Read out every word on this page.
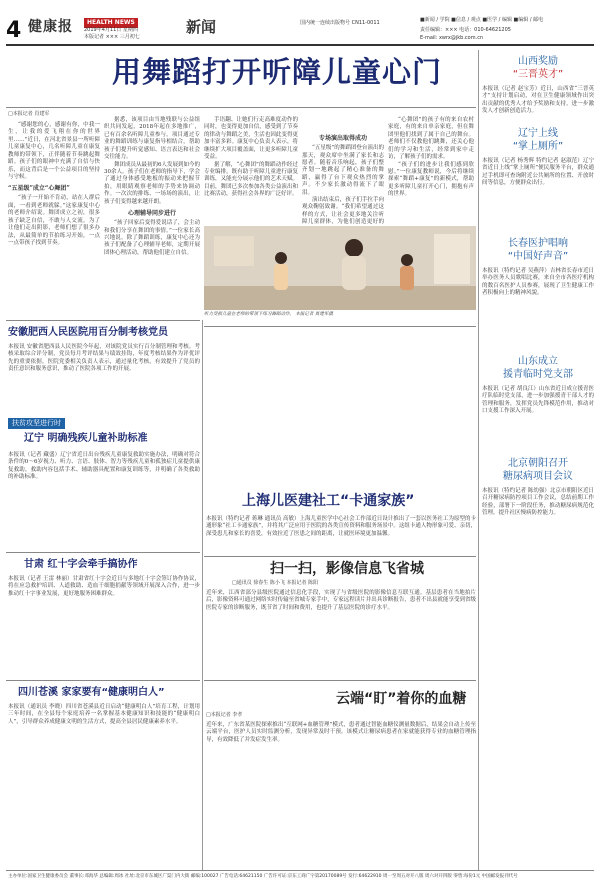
4 健康报	HEALTH NEWS
2019年4月11日 星期四
本版记者 ××× 三月初七
新闻	国内统一连续出版物号 CN11-0011	■新闻 / 学院 ■信息 / 观点 ■医学 / 编辑 ■编辑 / 邮电
责任编辑：××× 电话：010-64621205
E-mail: xwrx@jkb.com.cn
用舞蹈打开听障儿童心门
□本报记者 肖建军
“感谢您的心，感谢有你，中我一生，让我的爱飞翔在你的世界里……”近日，在河北省景县一所听障儿童康复中心，几名听障儿童在康复教师的带领下，正伴随着节奏跳起舞蹈。孩子们的眼神中充满了自信与快乐，而这背后是一个公益项目的坚持与守候。
“五星级”成立“心舞团”
“孩子一开始不肯动，站在人群后面，一看到老师就躲。”这家康复中心的老师介绍说。舞团成立之初，很多孩子缺乏自信，不敢与人交流。为了让他们走出阴影，老师们想了很多办法，从最简单的节拍练习开始，一点一点带孩子找到节奏。
据悉，该项目由当地残联与公益组织共同发起，2018年起在多地推广，已有百余名听障儿童参与。项目通过专业的舞蹈训练与康复指导相结合，帮助孩子们提升听觉感知、语言表达和社会交往能力。
舞团成员从最初的6人发展到如今的30余人。孩子们在老师的指导下，学会了通过身体感受地板的振动来把握节拍，用眼睛观察老师的手势来协调动作。一次次的排练、一场场的演出，让孩子们变得越来越开朗。
心理辅导同步进行
“孩子回家后变得爱说话了，会主动和我们分享在舞团的事情。”一位家长高兴地说。除了舞蹈训练，康复中心还为孩子们配备了心理辅导老师，定期开展团体心理活动，帮助他们建立自信。
手语翻、让她们行走高难度动作的同时，也变得更加自信，感受到了节奏的律动与舞蹈之美，生活也因此变得更加丰富多彩。康复中心负责人表示，将继续扩大项目覆盖面，让更多听障儿童受益。
据了解，“心舞团”的舞蹈动作经过专业编排，既有助于听障儿童进行康复训练，又能充分展示他们的艺术天赋。目前，舞团已多次参加各类公益演出和比赛活动，获得社会各界的广泛好评。
专场演出取得成功
“五星级”的舞蹈团登台演出的那天，观众席中坐满了家长和志愿者。随着音乐响起，孩子们整齐划一地跳起了精心准备的舞蹈，赢得了台下观众热烈的掌声。不少家长激动得流下了眼泪。
演出结束后，孩子们手拉手向观众鞠躬致谢。“我们希望通过这样的方式，让社会更多地关注听障儿童群体，为他们创造更好的
“心舞团”的孩子有的来自农村家庭，有的来自单亲家庭，但在舞团里他们找到了属于自己的舞台。老师们不仅教他们跳舞，还关心他们的学习和生活，经常到家中走访，了解孩子们的需求。
“孩子们的进步让我们感到欣慰。”一位康复教师说，今后将继续探索“舞蹈+康复”的新模式，帮助更多听障儿童打开心门，拥抱有声的世界。
听力受损儿童在老师的带领下练习舞蹈动作。 本报记者 肖建军摄
安徽肥西人民医院用百分制考核党员
本报讯 安徽省肥西县人民医院今年起，对该院党员实行百分制管理和考核。考核采取综合评分制，党员每月考评结果与绩效挂钩，年度考核结果作为评优评先的重要依据。医院党委相关负责人表示，通过量化考核，有效提升了党员的责任意识和服务意识，推动了医院各项工作的开展。
扶贫攻坚进行时
辽宁 明确残疾儿童补助标准
本报讯（记者 藏盛）辽宁省近日出台残疾儿童康复救助实施办法，明确对符合条件的0～6岁视力、听力、言语、肢体、智力等残疾儿童和孤独症儿童提供康复救助，救助内容包括手术、辅助器具配置和康复训练等，并明确了各类救助的补助标准。
甘肃 红十字会牵手搞协作
本报讯（记者 王雷 林丽）甘肃省红十字会近日与多地红十字会签订协作协议，将在应急救护培训、人道救助、造血干细胞捐献等领域开展深入合作，进一步推动红十字事业发展，更好地服务困难群众。
四川苍溪 家家要有“健康明白人”
本报讯（通讯员 李晓）四川省苍溪县近日启动“健康明白人”培育工程，计划用三年时间，在全县每个家庭培养一名掌握基本健康知识和技能的“健康明白人”，引导群众养成健康文明的生活方式，提高全县居民健康素养水平。
上海儿医建社工“卡通家族”
本报讯（特约记者 蒋琳 通讯员 高敏）上海儿童医学中心社会工作部近日设计推出了一套以医务社工为原型的卡通形象“社工卡通家族”，并将其广泛应用于医院的各类宣传资料和服务场景中。这组卡通人物形象可爱、亲切，深受患儿和家长的喜爱，有效拉近了医患之间的距离，让就医环境更加温馨。
扫一扫，影像信息飞省城
□通讯员 徐春生 陈小飞 本报记者 陈阳
近年来，江西省部分县级医院通过信息化手段，实现了与省级医院的影像信息互联互通。基层患者在当地拍片后，影像资料可通过网络实时传输至省城专家手中，专家远程读片并出具诊断报告，患者不出县就能享受到省级医院专家的诊断服务，既节省了时间和费用，也提升了基层医院的诊疗水平。
云端“盯”着你的血糖
□本报记者 李孝
近年来，广东省某医院探索推出“互联网+血糖管理”模式，患者通过智能血糖仪测量数据后，结果会自动上传至云端平台，医护人员实时监测分析，发现异常及时干预。该模式让糖尿病患者在家就能获得专业的血糖管理指导，有效降低了并发症发生率。
山西奖励
“三晋英才”
本报讯（记者 赵宝芳）近日，山西省“三晋英才”支持计划启动，对在卫生健康领域作出突出贡献的优秀人才给予奖励和支持，进一步激发人才创新创造活力。
辽宁上线
“掌上厕所”
本报讯（记者 杨秀辉 特约记者 赵淑范）辽宁省近日上线“掌上厕所”便民服务平台，群众通过手机即可查询附近公共厕所的位置、开放时间等信息，方便群众出行。
长春医护唱响
“中国好声音”
本报讯（特约记者 吴燕萍）吉林省长春市近日举办医务人员歌唱比赛，来自全市各医疗机构的数百名医护人员参赛，展现了卫生健康工作者积极向上的精神风貌。
山东成立
援青临时党支部
本报讯（记者 胡良江）山东省近日成立援青医疗队临时党支部，进一步加强援青干部人才的管理和服务，发挥党员先锋模范作用，推动对口支援工作深入开展。
北京朝阳召开
糖尿病项目会议
本报讯（特约记者 陈幼强）北京市朝阳区近日召开糖尿病防控项目工作会议，总结前期工作经验，部署下一阶段任务，推动糖尿病规范化管理，提升社区慢病防控能力。
主办单位:国家卫生健康委员会 董事长:邓海华 总编辑:周冰 社址:北京市东城区广渠门内大街 邮编:100027 广告电话:64621150 广告许可证:京东工商广字第20170089号 发行:64622910 周一至周五对开八版 周六对开四版 零售:每份1元 中国邮发报刊代号
